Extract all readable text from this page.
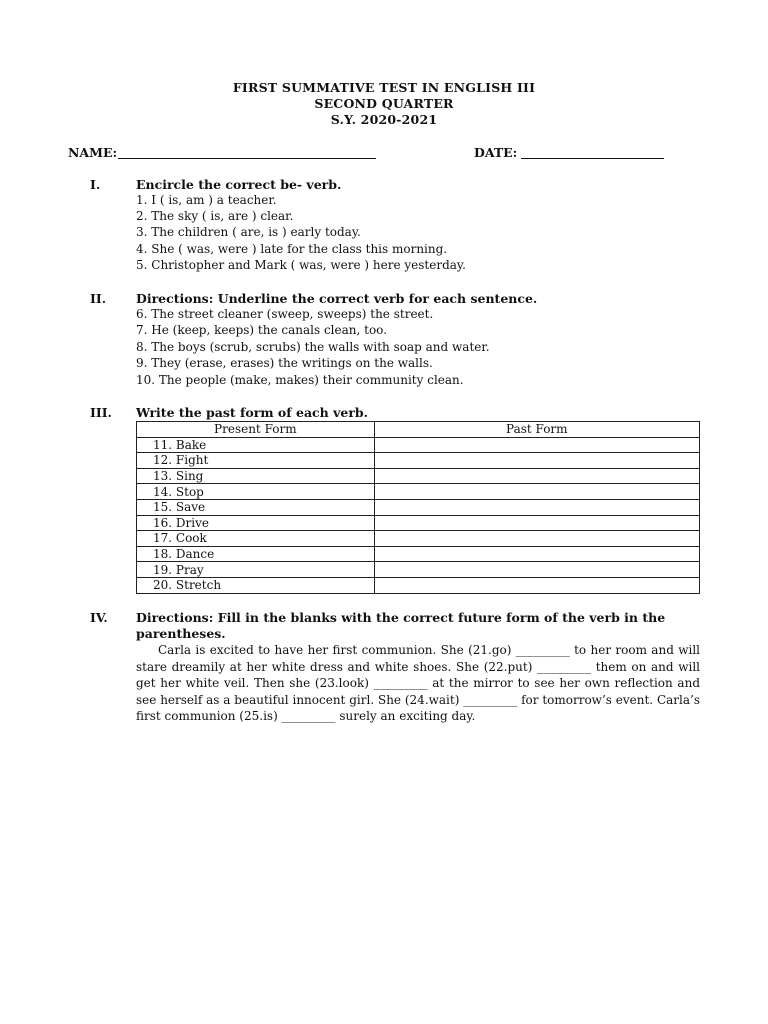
FIRST SUMMATIVE TEST IN ENGLISH III
SECOND QUARTER
S.Y. 2020-2021
NAME:	DATE:
I.	Encircle the correct be- verb.
1. I ( is, am ) a teacher.
2. The sky ( is, are ) clear.
3. The children ( are, is ) early today.
4. She ( was, were ) late for the class this morning.
5. Christopher and Mark ( was, were ) here yesterday.
II. Directions: Underline the correct verb for each sentence.
6. The street cleaner (sweep, sweeps) the street.
7. He (keep, keeps) the canals clean, too.
8. The boys (scrub, scrubs) the walls with soap and water.
9. They (erase, erases) the writings on the walls.
10. The people (make, makes) their community clean.
III. Write the past form of each verb.
Present Form	Past Form
11. Bake	
12. Fight	
13. Sing	
14. Stop	
15. Save	
16. Drive	
17. Cook	
18. Dance	
19. Pray	
20. Stretch	
IV. Directions: Fill in the blanks with the correct future form of the verb in the
parentheses.
Carla is excited to have her first communion. She (21.go) _________ to her room and will stare dreamily at her white dress and white shoes. She (22.put) _________ them on and will get her white veil. Then she (23.look) _________ at the mirror to see her own reflection and see herself as a beautiful innocent girl. She (24.wait) _________ for tomorrow’s event. Carla’s first communion (25.is) _________ surely an exciting day.
